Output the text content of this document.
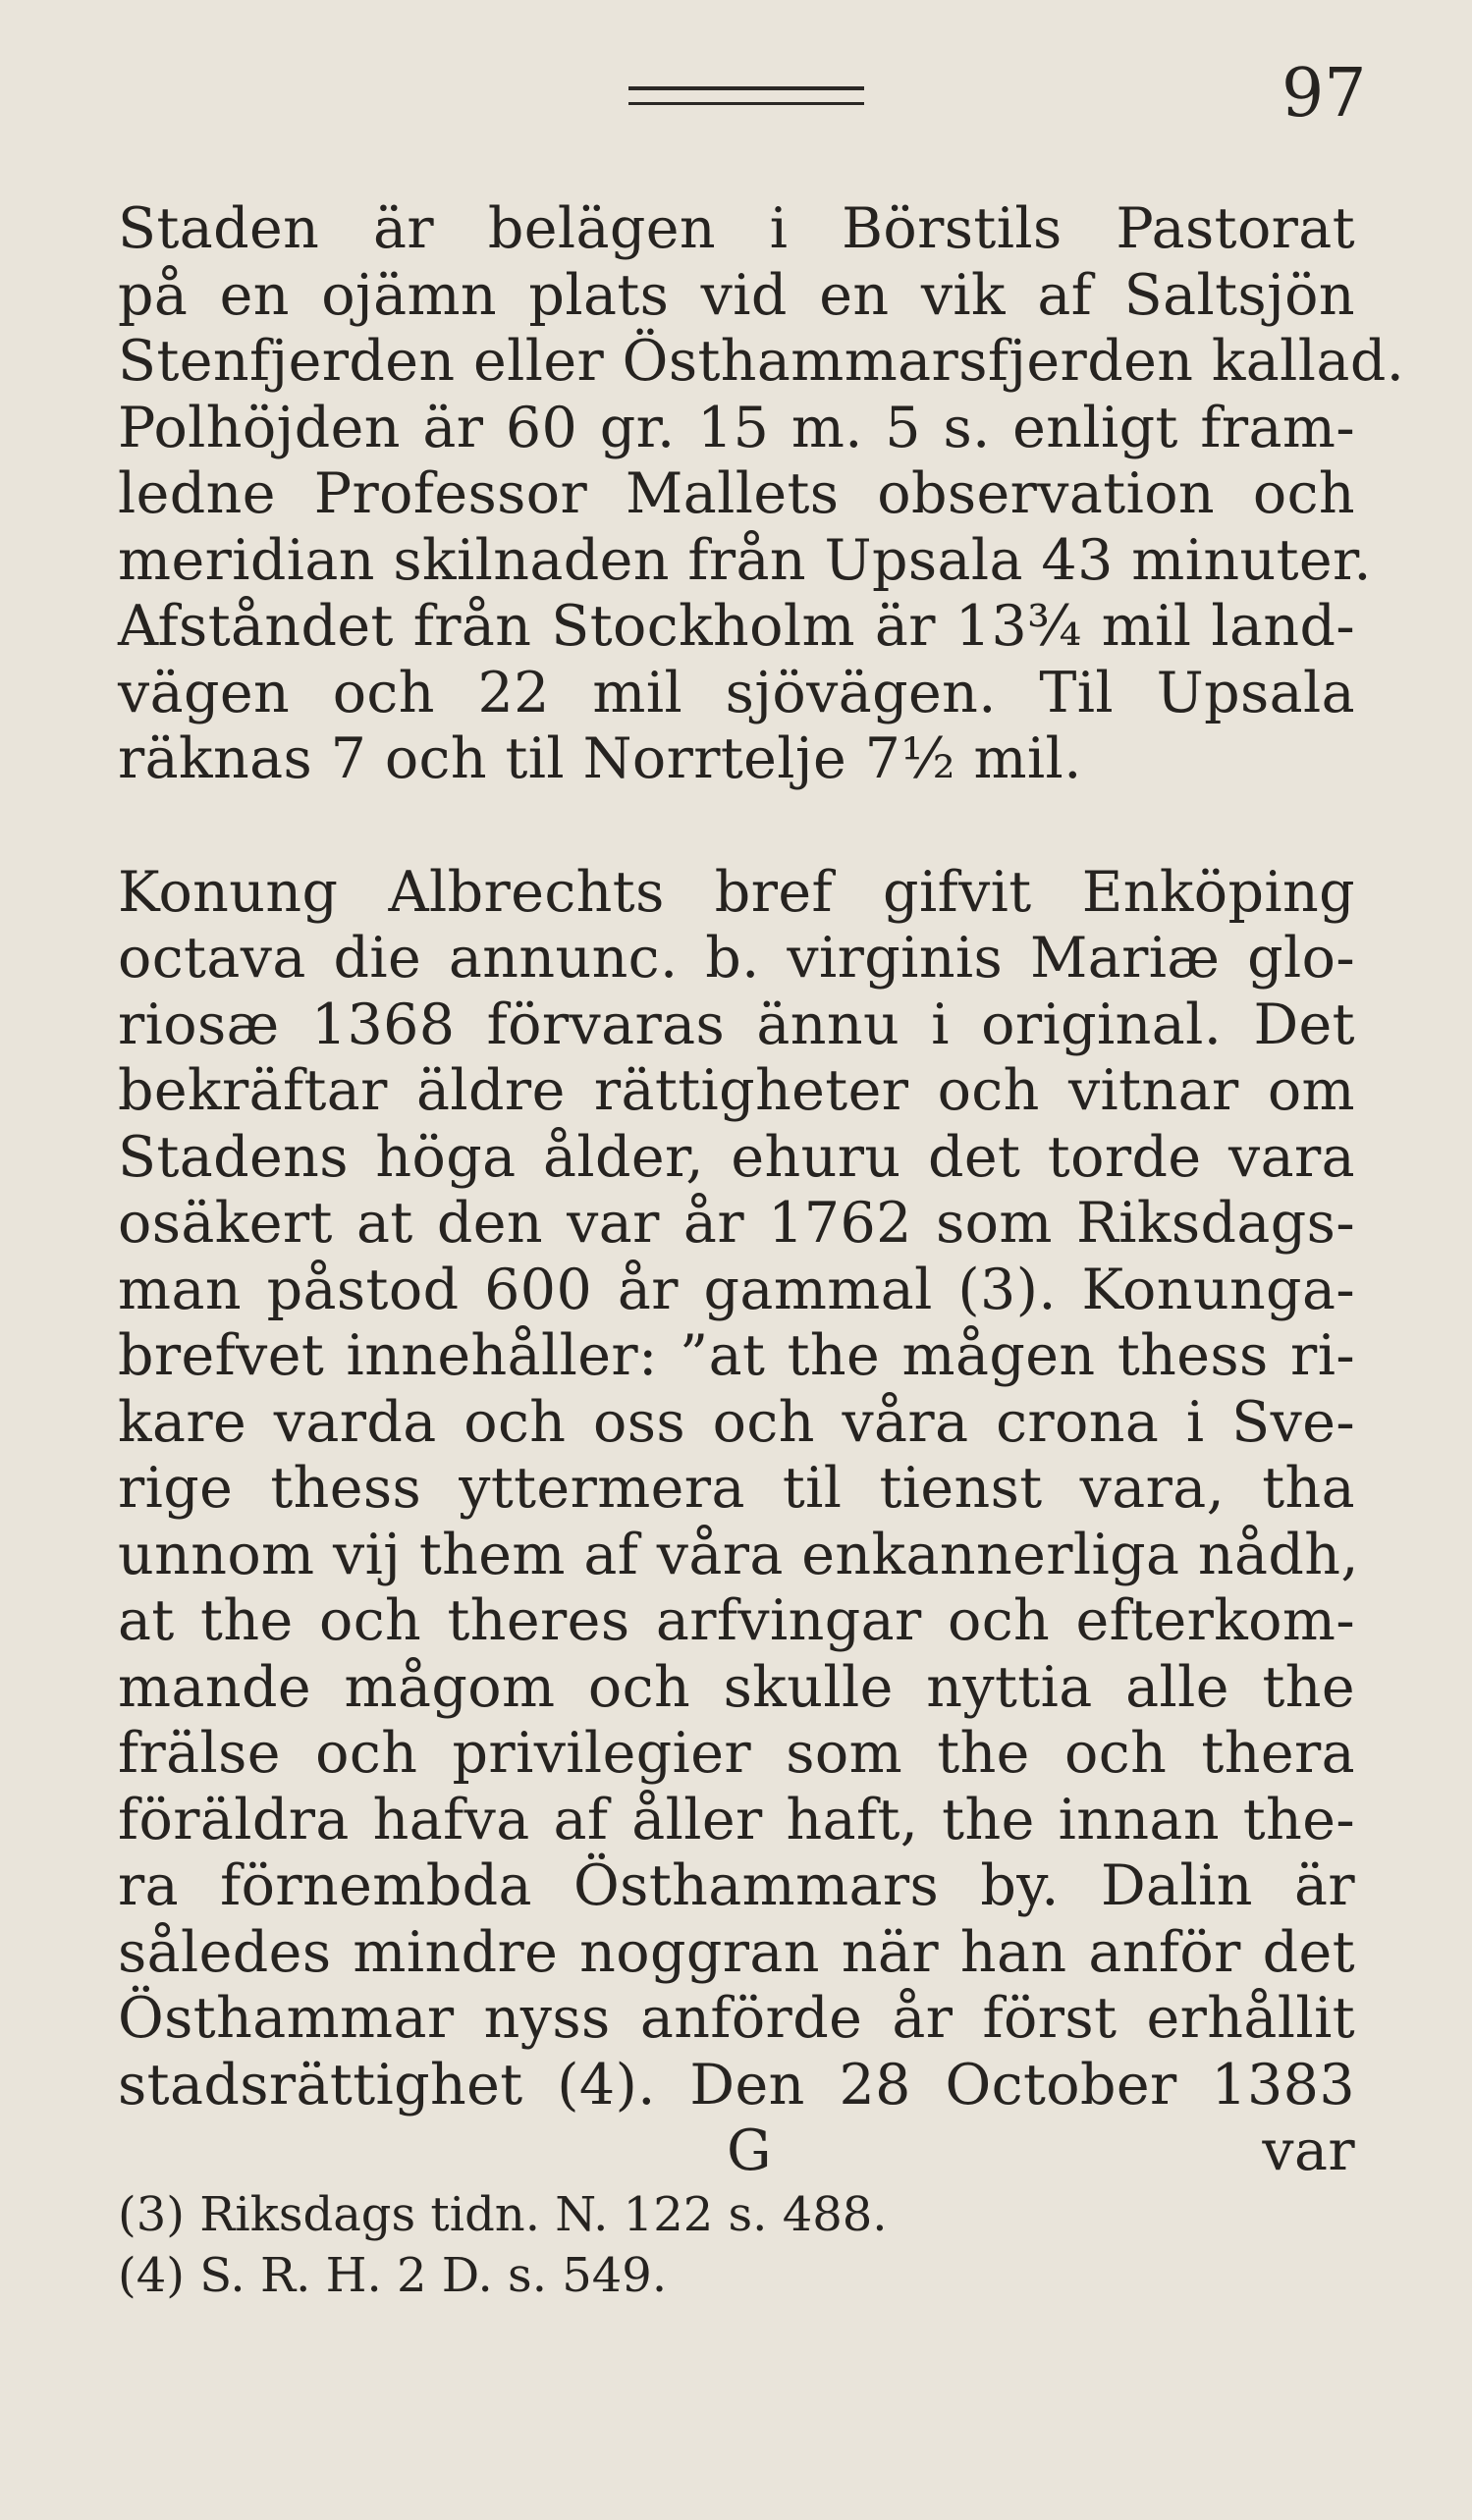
97
Staden är belägen i Börstils Pastorat
på en ojämn plats vid en vik af Saltsjön
Stenfjerden eller Östhammarsfjerden kallad.
Polhöjden är 60 gr. 15 m. 5 s. enligt fram-
ledne Professor Mallets observation och
meridian skilnaden från Upsala 43 minuter.
Afståndet från Stockholm är 13¾ mil land-
vägen och 22 mil sjövägen. Til Upsala
räknas 7 och til Norrtelje 7½ mil.
Konung Albrechts bref gifvit Enköping
octava die annunc. b. virginis Mariæ glo-
riosæ 1368 förvaras ännu i original. Det
bekräftar äldre rättigheter och vitnar om
Stadens höga ålder, ehuru det torde vara
osäkert at den var år 1762 som Riksdags-
man påstod 600 år gammal (3). Konunga-
brefvet innehåller: ”at the mågen thess ri-
kare varda och oss och våra crona i Sve-
rige thess yttermera til tienst vara, tha
unnom vij them af våra enkannerliga nådh,
at the och theres arfvingar och efterkom-
mande mågom och skulle nyttia alle the
frälse och privilegier som the och thera
föräldra hafva af åller haft, the innan the-
ra förnembda Östhammars by. Dalin är
således mindre noggran när han anför det
Östhammar nyss anförde år först erhållit
stadsrättighet (4). Den 28 October 1383
G	var
(3) Riksdags tidn. N. 122 s. 488.
(4) S. R. H. 2 D. s. 549.
